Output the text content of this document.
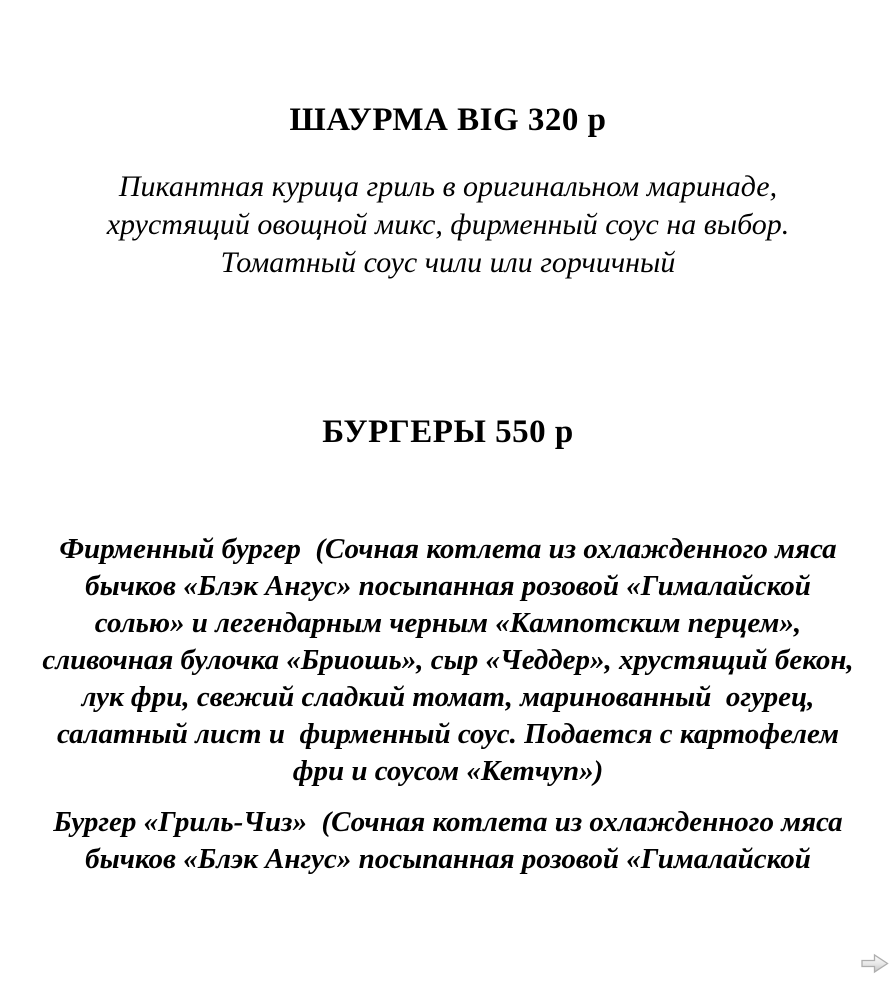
ШАУРМА BIG 320 р
Пикантная курица гриль в оригинальном маринаде,
хрустящий овощной микс, фирменный соус на выбор.
Томатный соус чили или горчичный
БУРГЕРЫ 550 р
Фирменный бургер  (Сочная котлета из охлажденного мяса
бычков «Блэк Ангус» посыпанная розовой «Гималайской
солью» и легендарным черным «Кампотским перцем»,
сливочная булочка «Бриошь», сыр «Чеддер», хрустящий бекон,
лук фри, свежий сладкий томат, маринованный  огурец,
салатный лист и  фирменный соус. Подается с картофелем
фри и соусом «Кетчуп»)
Бургер «Гриль-Чиз»  (Сочная котлета из охлажденного мяса
бычков «Блэк Ангус» посыпанная розовой «Гималайской
